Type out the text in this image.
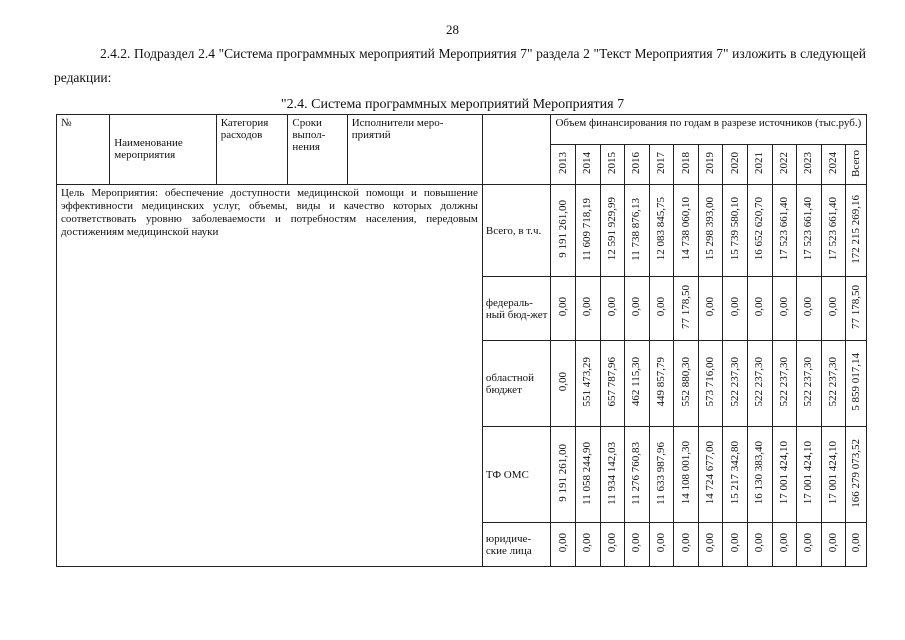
28
2.4.2. Подраздел 2.4 "Система программных мероприятий Мероприятия 7" раздела 2 "Текст Мероприятия 7" изложить в следующей редакции:
"2.4. Система программных мероприятий Мероприятия 7
№	Наименование мероприятия	Категория расходов	Сроки выпол-нения	Исполнители меро-приятий		Объем финансирования по годам в разрезе источников (тыс.руб.)												
						2013	2014	2015	2016	2017	2018	2019	2020	2021	2022	2023	2024	Всего
Цель Мероприятия: обеспечение доступности медицинской помощи и повышение эффективности медицинских услуг, объемы, виды и качество которых должны соответствовать уровню заболеваемости и потребностям населения, передовым достижениям медицинской науки					Всего, в т.ч.	9 191 261,00	11 609 718,19	12 591 929,99	11 738 876,13	12 083 845,75	14 738 060,10	15 298 393,00	15 739 580,10	16 652 620,70	17 523 661,40	17 523 661,40	17 523 661,40	172 215 269,16
					федераль-ный бюд-жет	0,00	0,00	0,00	0,00	0,00	77 178,50	0,00	0,00	0,00	0,00	0,00	0,00	77 178,50
					областной бюджет	0,00	551 473,29	657 787,96	462 115,30	449 857,79	552 880,30	573 716,00	522 237,30	522 237,30	522 237,30	522 237,30	522 237,30	5 859 017,14
					ТФ ОМС	9 191 261,00	11 058 244,90	11 934 142,03	11 276 760,83	11 633 987,96	14 108 001,30	14 724 677,00	15 217 342,80	16 130 383,40	17 001 424,10	17 001 424,10	17 001 424,10	166 279 073,52
					юридиче-ские лица	0,00	0,00	0,00	0,00	0,00	0,00	0,00	0,00	0,00	0,00	0,00	0,00	0,00
